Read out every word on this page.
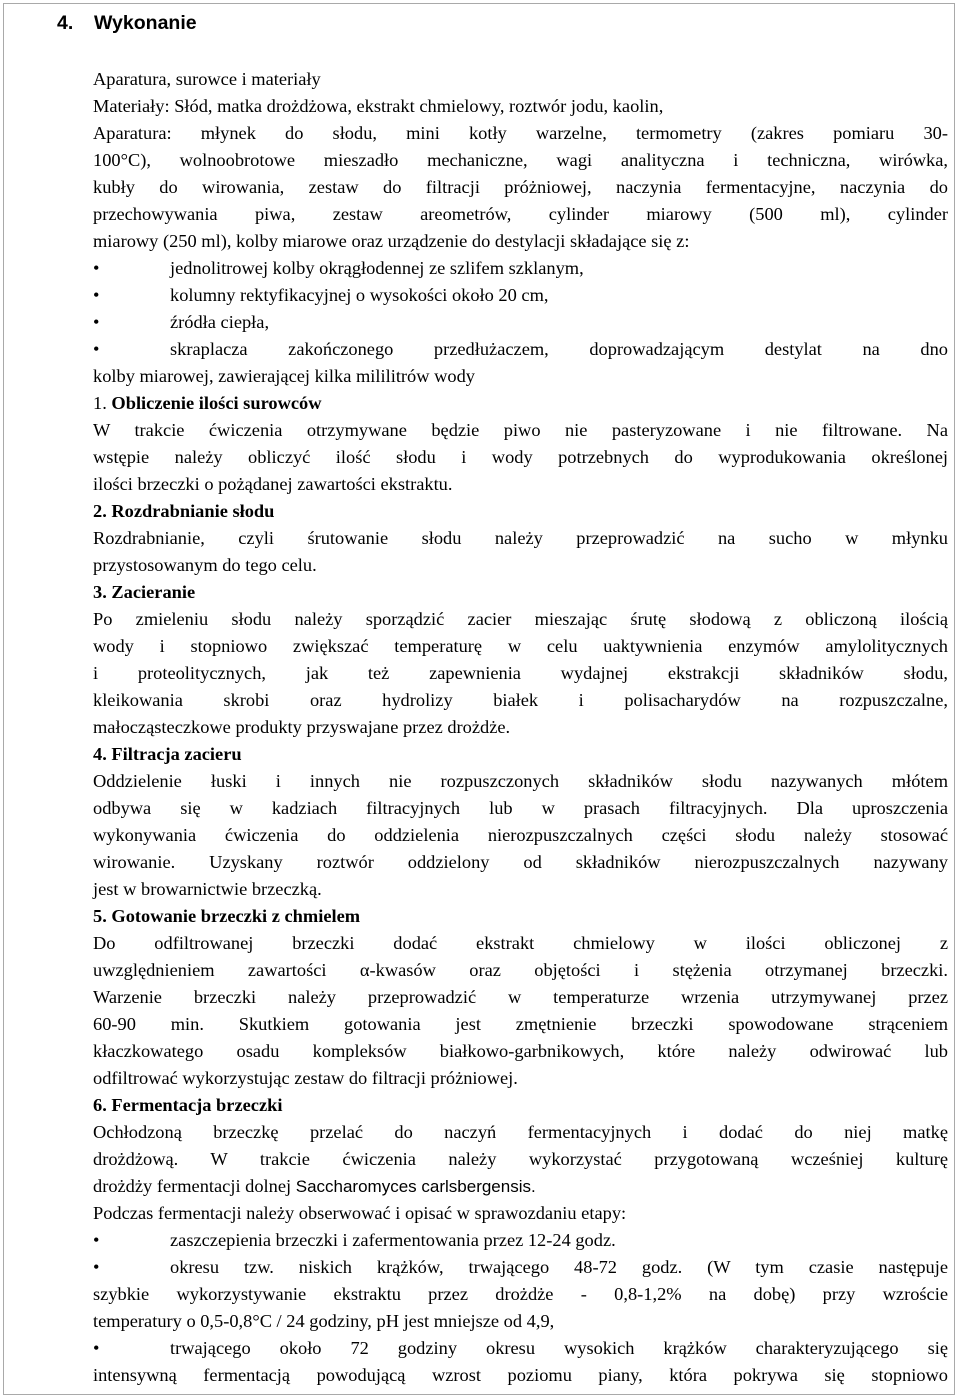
4. Wykonanie
Aparatura, surowce i materiały
Materiały: Słód, matka drożdżowa, ekstrakt chmielowy, roztwór jodu, kaolin,
Aparatura: młynek do słodu, mini kotły warzelne, termometry (zakres pomiaru 30-
100°C), wolnoobrotowe mieszadło mechaniczne, wagi analityczna i techniczna, wirówka,
kubły do wirowania, zestaw do filtracji próżniowej, naczynia fermentacyjne, naczynia do
przechowywania piwa, zestaw areometrów, cylinder miarowy (500 ml), cylinder
miarowy (250 ml), kolby miarowe oraz urządzenie do destylacji składające się z:
•	jednolitrowej kolby okrągłodennej ze szlifem szklanym,
•	kolumny rektyfikacyjnej o wysokości około 20 cm,
•	źródła ciepła,
•	skraplacza zakończonego przedłużaczem, doprowadzającym destylat na dno
kolby miarowej, zawierającej kilka mililitrów wody
1. Obliczenie ilości surowców
W trakcie ćwiczenia otrzymywane będzie piwo nie pasteryzowane i nie filtrowane. Na
wstępie należy obliczyć ilość słodu i wody potrzebnych do wyprodukowania określonej
ilości brzeczki o pożądanej zawartości ekstraktu.
2. Rozdrabnianie słodu
Rozdrabnianie, czyli śrutowanie słodu należy przeprowadzić na sucho w młynku
przystosowanym do tego celu.
3. Zacieranie
Po zmieleniu słodu należy sporządzić zacier mieszając śrutę słodową z obliczoną ilością
wody i stopniowo zwiększać temperaturę w celu uaktywnienia enzymów amylolitycznych
i proteolitycznych, jak też zapewnienia wydajnej ekstrakcji składników słodu,
kleikowania skrobi oraz hydrolizy białek i polisacharydów na rozpuszczalne,
małocząsteczkowe produkty przyswajane przez drożdże.
4. Filtracja zacieru
Oddzielenie łuski i innych nie rozpuszczonych składników słodu nazywanych młótem
odbywa się w kadziach filtracyjnych lub w prasach filtracyjnych. Dla uproszczenia
wykonywania ćwiczenia do oddzielenia nierozpuszczalnych części słodu należy stosować
wirowanie. Uzyskany roztwór oddzielony od składników nierozpuszczalnych nazywany
jest w browarnictwie brzeczką.
5. Gotowanie brzeczki z chmielem
Do odfiltrowanej brzeczki dodać ekstrakt chmielowy w ilości obliczonej z
uwzględnieniem zawartości α-kwasów oraz objętości i stężenia otrzymanej brzeczki.
Warzenie brzeczki należy przeprowadzić w temperaturze wrzenia utrzymywanej przez
60-90 min. Skutkiem gotowania jest zmętnienie brzeczki spowodowane strąceniem
kłaczkowatego osadu kompleksów białkowo-garbnikowych, które należy odwirować lub
odfiltrować wykorzystując zestaw do filtracji próżniowej.
6. Fermentacja brzeczki
Ochłodzoną brzeczkę przelać do naczyń fermentacyjnych i dodać do niej matkę
drożdżową. W trakcie ćwiczenia należy wykorzystać przygotowaną wcześniej kulturę
drożdży fermentacji dolnej Saccharomyces carlsbergensis.
Podczas fermentacji należy obserwować i opisać w sprawozdaniu etapy:
•	zaszczepienia brzeczki i zafermentowania przez 12-24 godz.
•	okresu tzw. niskich krążków, trwającego 48-72 godz. (W tym czasie następuje
szybkie wykorzystywanie ekstraktu przez drożdże - 0,8-1,2% na dobę) przy wzroście
temperatury o 0,5-0,8°C / 24 godziny, pH jest mniejsze od 4,9,
•	trwającego około 72 godziny okresu wysokich krążków charakteryzującego się
intensywną fermentacją powodującą wzrost poziomu piany, która pokrywa się stopniowo
